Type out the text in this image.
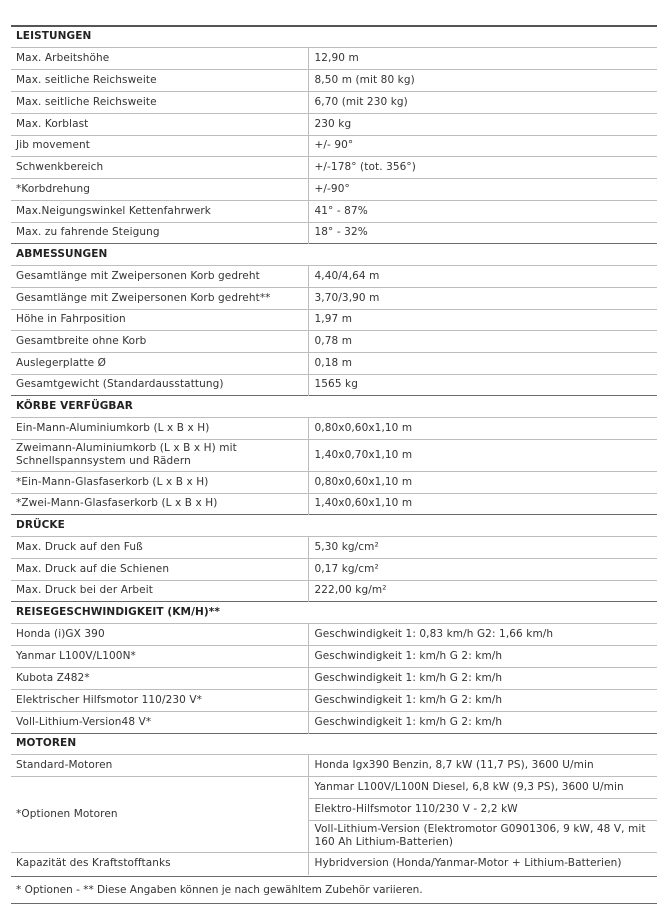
LEISTUNGEN	
Max. Arbeitshöhe	12,90 m
Max. seitliche Reichsweite	8,50 m (mit 80 kg)
Max. seitliche Reichsweite	6,70 (mit 230 kg)
Max. Korblast	230 kg
Jib movement	+/- 90°
Schwenkbereich	+/-178° (tot. 356°)
*Korbdrehung	+/-90°
Max.Neigungswinkel Kettenfahrwerk	41° - 87%
Max. zu fahrende Steigung	18° - 32%
ABMESSUNGEN	
Gesamtlänge mit Zweipersonen Korb gedreht	4,40/4,64 m
Gesamtlänge mit Zweipersonen Korb gedreht**	3,70/3,90 m
Höhe in Fahrposition	1,97 m
Gesamtbreite ohne Korb	0,78 m
Auslegerplatte Ø	0,18 m
Gesamtgewicht (Standardausstattung)	1565 kg
KÖRBE VERFÜGBAR	
Ein-Mann-Aluminiumkorb (L x B x H)	0,80x0,60x1,10 m
Zweimann-Aluminiumkorb (L x B x H) mit Schnellspannsystem und Rädern	1,40x0,70x1,10 m
*Ein-Mann-Glasfaserkorb (L x B x H)	0,80x0,60x1,10 m
*Zwei-Mann-Glasfaserkorb (L x B x H)	1,40x0,60x1,10 m
DRÜCKE	
Max. Druck auf den Fuß	5,30 kg/cm²
Max. Druck auf die Schienen	0,17 kg/cm²
Max. Druck bei der Arbeit	222,00 kg/m²
REISEGESCHWINDIGKEIT (KM/H)**	
Honda (i)GX 390	Geschwindigkeit 1: 0,83 km/h G2: 1,66 km/h
Yanmar L100V/L100N*	Geschwindigkeit 1: km/h G 2: km/h
Kubota Z482*	Geschwindigkeit 1: km/h G 2: km/h
Elektrischer Hilfsmotor 110/230 V*	Geschwindigkeit 1: km/h G 2: km/h
Voll-Lithium-Version48 V*	Geschwindigkeit 1: km/h G 2: km/h
MOTOREN	
Standard-Motoren	Honda Igx390 Benzin, 8,7 kW (11,7 PS), 3600 U/min
*Optionen Motoren	Yanmar L100V/L100N Diesel, 6,8 kW (9,3 PS), 3600 U/min
	Elektro-Hilfsmotor 110/230 V - 2,2 kW
	Voll-Lithium-Version (Elektromotor G0901306, 9 kW, 48 V, mit 160 Ah Lithium-Batterien)
Kapazität des Kraftstofftanks	Hybridversion (Honda/Yanmar-Motor + Lithium-Batterien)
* Optionen - ** Diese Angaben können je nach gewähltem Zubehör variieren.
